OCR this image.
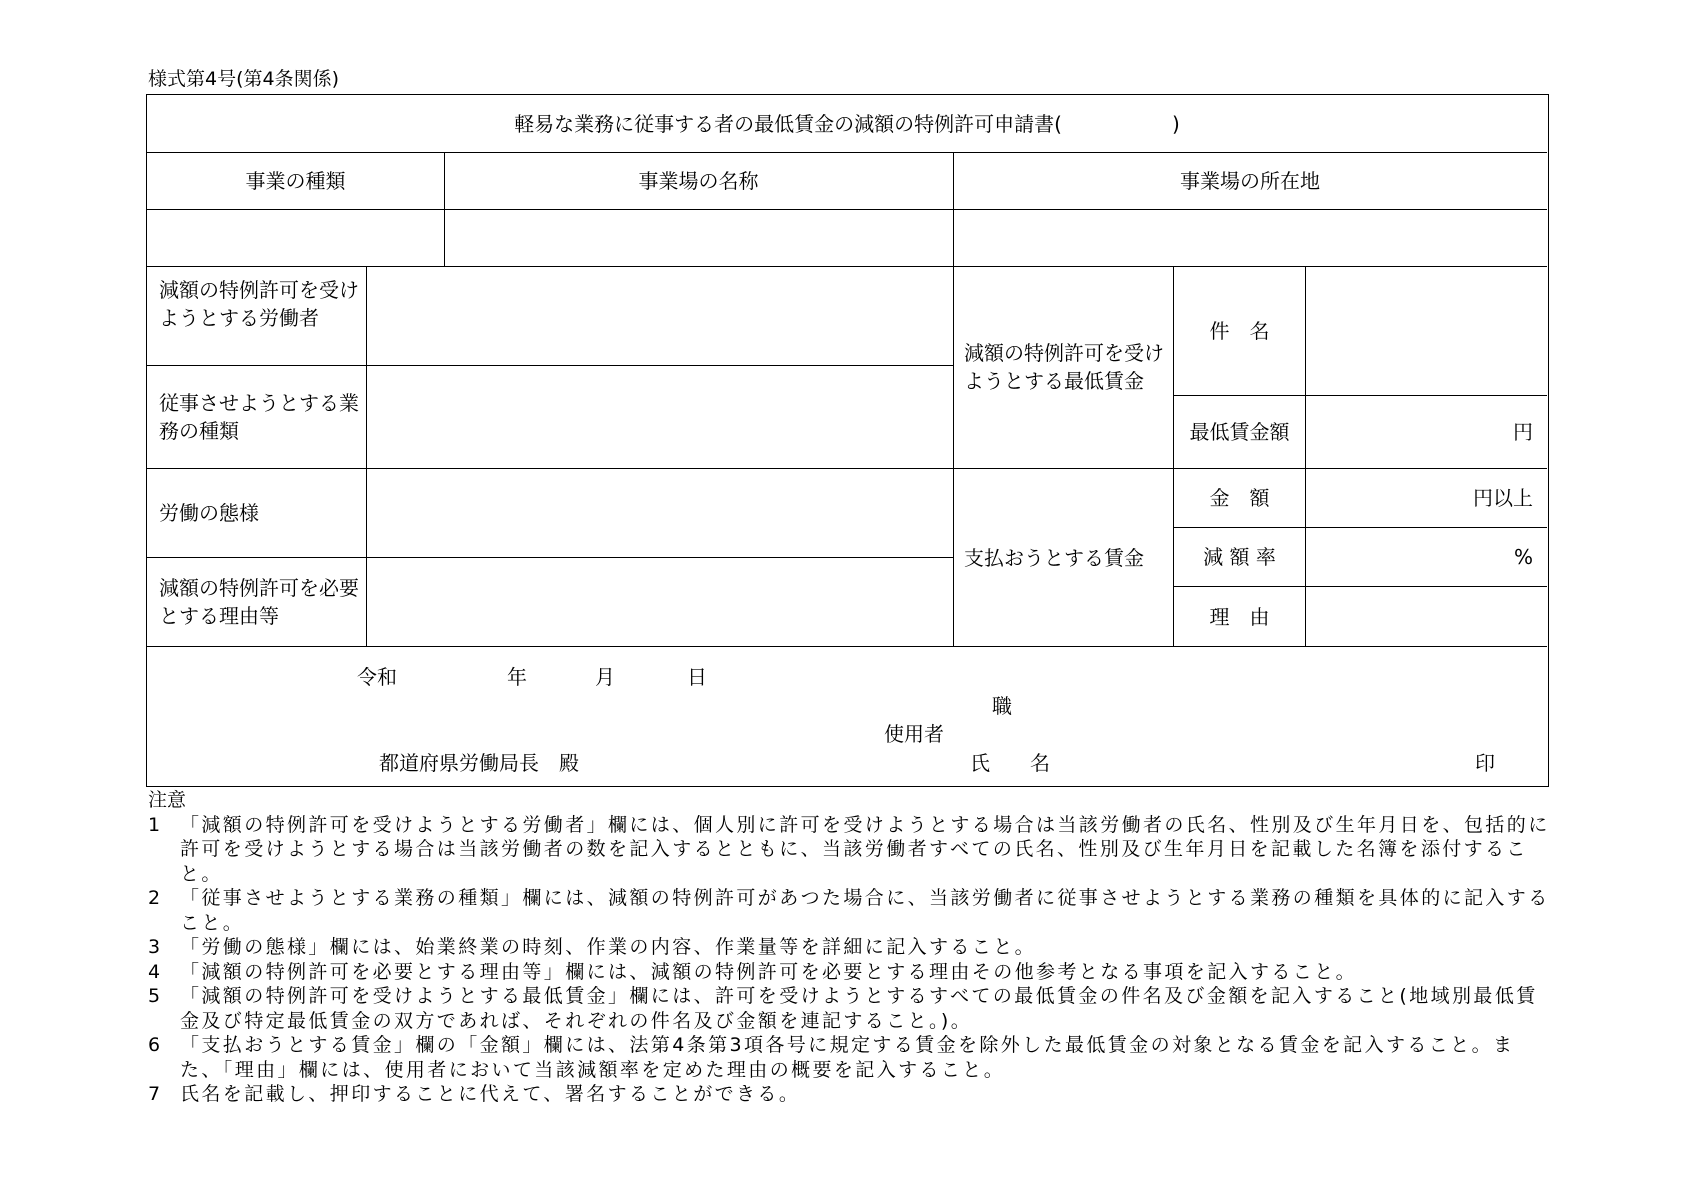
様式第4号(第4条関係)
軽易な業務に従事する者の最低賃金の減額の特例許可申請書(	)
事業の種類	事業場の名称	事業場の所在地
減額の特例許可を受けようとする労働者
従事させようとする業務の種類
労働の態様
減額の特例許可を必要とする理由等
減額の特例許可を受けようとする最低賃金
件　名
最低賃金額	円
支払おうとする賃金
金　額	円以上
減 額 率	%
理　由
令和	年	月	日
職
使用者
都道府県労働局長　殿	氏　名	印
注意
1	「減額の特例許可を受けようとする労働者」欄には、個人別に許可を受けようとする場合は当該労働者の氏名、性別及び生年月日を、包括的に許可を受けようとする場合は当該労働者の数を記入するとともに、当該労働者すべての氏名、性別及び生年月日を記載した名簿を添付すること。
2	「従事させようとする業務の種類」欄には、減額の特例許可があつた場合に、当該労働者に従事させようとする業務の種類を具体的に記入すること。
3	「労働の態様」欄には、始業終業の時刻、作業の内容、作業量等を詳細に記入すること。
4	「減額の特例許可を必要とする理由等」欄には、減額の特例許可を必要とする理由その他参考となる事項を記入すること。
5	「減額の特例許可を受けようとする最低賃金」欄には、許可を受けようとするすべての最低賃金の件名及び金額を記入すること(地域別最低賃金及び特定最低賃金の双方であれば、それぞれの件名及び金額を連記すること。)。
6	「支払おうとする賃金」欄の「金額」欄には、法第4条第3項各号に規定する賃金を除外した最低賃金の対象となる賃金を記入すること。また、「理由」欄には、使用者において当該減額率を定めた理由の概要を記入すること。
7	氏名を記載し、押印することに代えて、署名することができる。
